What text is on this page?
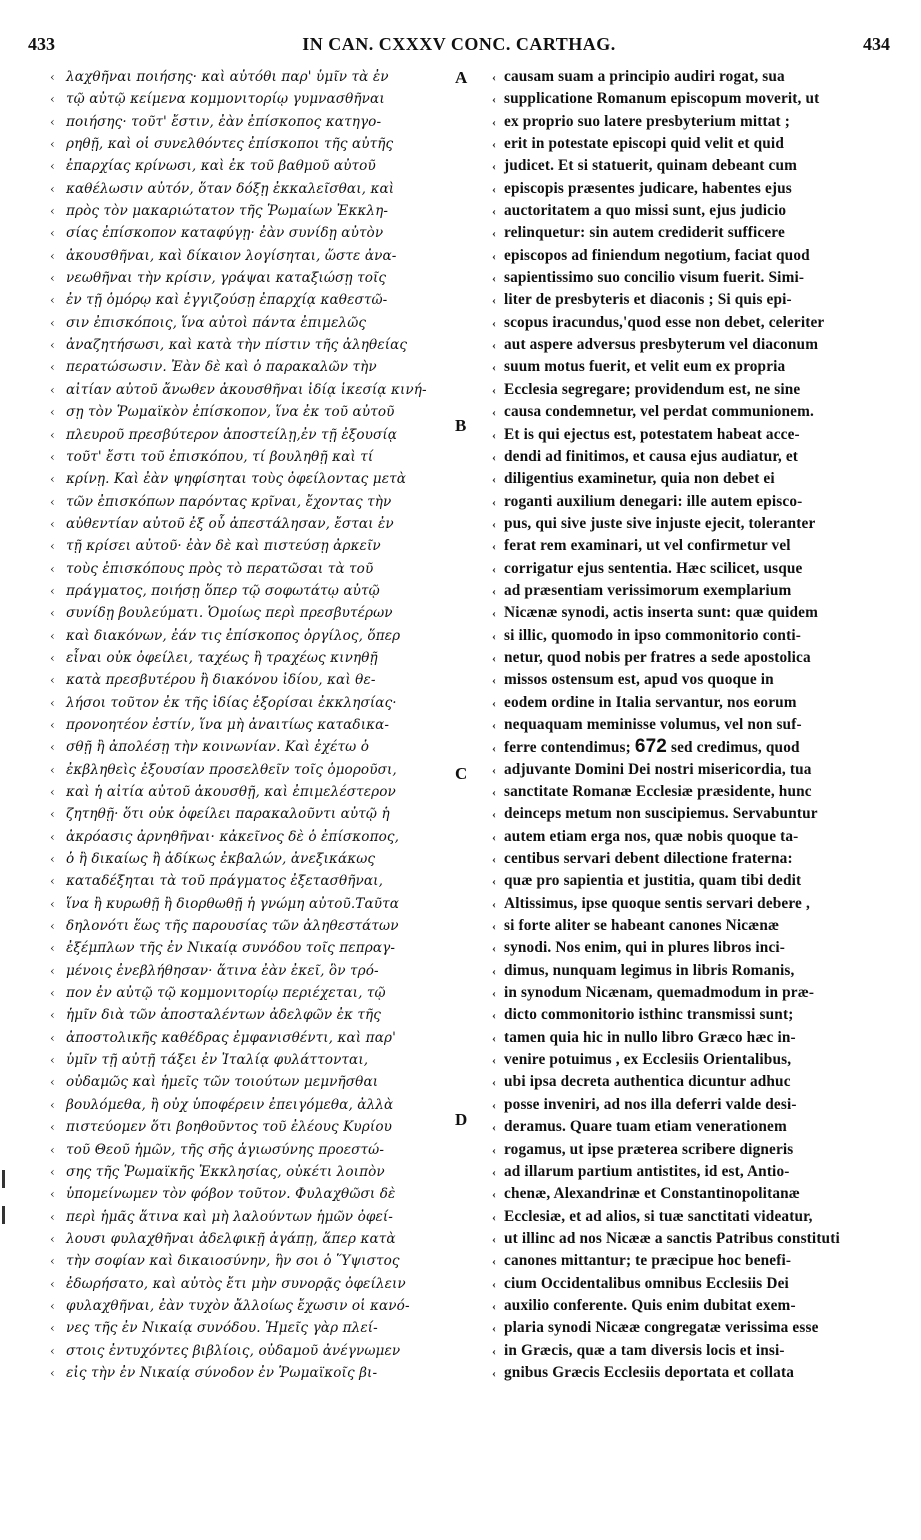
433	IN CAN. CXXXV CONC. CARTHAG.	434
A
B
C
D
‹ λαχθῆναι ποιήσης· καὶ αὐτόθι παρ' ὑμῖν τὰ ἐν
‹ τῷ αὐτῷ κείμενα κομμονιτορίῳ γυμνασθῆναι
‹ ποιήσης· τοῦτ' ἔστιν, ἐὰν ἐπίσκοπος κατηγο-
‹ ρηθῇ, καὶ οἱ συνελθόντες ἐπίσκοποι τῆς αὐτῆς
‹ ἐπαρχίας κρίνωσι, καὶ ἐκ τοῦ βαθμοῦ αὐτοῦ
‹ καθέλωσιν αὐτόν, ὅταν δόξῃ ἐκκαλεῖσθαι, καὶ
‹ πρὸς τὸν μακαριώτατον τῆς Ῥωμαίων Ἐκκλη-
‹ σίας ἐπίσκοπον καταφύγῃ· ἐὰν συνίδῃ αὐτὸν
‹ ἀκουσθῆναι, καὶ δίκαιον λογίσηται, ὥστε ἀνα-
‹ νεωθῆναι τὴν κρίσιν, γράψαι καταξιώσῃ τοῖς
‹ ἐν τῇ ὁμόρῳ καὶ ἐγγιζούσῃ ἐπαρχίᾳ καθεστῶ-
‹ σιν ἐπισκόποις, ἵνα αὐτοὶ πάντα ἐπιμελῶς
‹ ἀναζητήσωσι, καὶ κατὰ τὴν πίστιν τῆς ἀληθείας
‹ περατώσωσιν. Ἐὰν δὲ καὶ ὁ παρακαλῶν τὴν
‹ αἰτίαν αὐτοῦ ἄνωθεν ἀκουσθῆναι ἰδίᾳ ἱκεσίᾳ κινή-
‹ σῃ τὸν Ῥωμαϊκὸν ἐπίσκοπον, ἵνα ἐκ τοῦ αὐτοῦ
‹ πλευροῦ πρεσβύτερον ἀποστείλῃ,ἐν τῇ ἐξουσίᾳ
‹ τοῦτ' ἔστι τοῦ ἐπισκόπου, τί βουληθῇ καὶ τί
‹ κρίνῃ. Καὶ ἐὰν ψηφίσηται τοὺς ὀφείλοντας μετὰ
‹ τῶν ἐπισκόπων παρόντας κρῖναι, ἔχοντας τὴν
‹ αὐθεντίαν αὐτοῦ ἐξ οὗ ἀπεστάλησαν, ἔσται ἐν
‹ τῇ κρίσει αὐτοῦ· ἐὰν δὲ καὶ πιστεύσῃ ἀρκεῖν
‹ τοὺς ἐπισκόπους πρὸς τὸ περατῶσαι τὰ τοῦ
‹ πράγματος, ποιήσῃ ὅπερ τῷ σοφωτάτῳ αὐτῷ
‹ συνίδῃ βουλεύματι. Ὁμοίως περὶ πρεσβυτέρων
‹ καὶ διακόνων, ἐάν τις ἐπίσκοπος ὀργίλος, ὅπερ
‹ εἶναι οὐκ ὀφείλει, ταχέως ἢ τραχέως κινηθῇ
‹ κατὰ πρεσβυτέρου ἢ διακόνου ἰδίου, καὶ θε-
‹ λήσοι τοῦτον ἐκ τῆς ἰδίας ἐξορίσαι ἐκκλησίας·
‹ προνοητέον ἐστίν, ἵνα μὴ ἀναιτίως καταδικα-
‹ σθῇ ἢ ἀπολέσῃ τὴν κοινωνίαν. Καὶ ἐχέτω ὁ
‹ ἐκβληθεὶς ἐξουσίαν προσελθεῖν τοῖς ὁμοροῦσι,
‹ καὶ ἡ αἰτία αὐτοῦ ἀκουσθῇ, καὶ ἐπιμελέστερον
‹ ζητηθῇ· ὅτι οὐκ ὀφείλει παρακαλοῦντι αὐτῷ ἡ
‹ ἀκρόασις ἀρνηθῆναι· κἀκεῖνος δὲ ὁ ἐπίσκοπος,
‹ ὁ ἢ δικαίως ἢ ἀδίκως ἐκβαλών, ἀνεξικάκως
‹ καταδέξηται τὰ τοῦ πράγματος ἐξετασθῆναι,
‹ ἵνα ἢ κυρωθῇ ἢ διορθωθῇ ἡ γνώμη αὐτοῦ.Ταῦτα
‹ δηλονότι ἕως τῆς παρουσίας τῶν ἀληθεστάτων
‹ ἐξέμπλων τῆς ἐν Νικαίᾳ συνόδου τοῖς πεπραγ-
‹ μένοις ἐνεβλήθησαν· ἅτινα ἐὰν ἐκεῖ, ὃν τρό-
‹ πον ἐν αὐτῷ τῷ κομμονιτορίῳ περιέχεται, τῷ
‹ ἡμῖν διὰ τῶν ἀποσταλέντων ἀδελφῶν ἐκ τῆς
‹ ἀποστολικῆς καθέδρας ἐμφανισθέντι, καὶ παρ'
‹ ὑμῖν τῇ αὐτῇ τάξει ἐν Ἰταλίᾳ φυλάττονται,
‹ οὐδαμῶς καὶ ἡμεῖς τῶν τοιούτων μεμνῆσθαι
‹ βουλόμεθα, ἢ οὐχ ὑποφέρειν ἐπειγόμεθα, ἀλλὰ
‹ πιστεύομεν ὅτι βοηθοῦντος τοῦ ἐλέους Κυρίου
‹ τοῦ Θεοῦ ἡμῶν, τῆς σῆς ἁγιωσύνης προεστώ-
‹ σης τῆς Ῥωμαϊκῆς Ἐκκλησίας, οὐκέτι λοιπὸν
‹ ὑπομείνωμεν τὸν φόβον τοῦτον. Φυλαχθῶσι δὲ
‹ περὶ ἡμᾶς ἅτινα καὶ μὴ λαλούντων ἡμῶν ὀφεί-
‹ λουσι φυλαχθῆναι ἀδελφικῇ ἀγάπῃ, ἅπερ κατὰ
‹ τὴν σοφίαν καὶ δικαιοσύνην, ἣν σοι ὁ Ὕψιστος
‹ ἐδωρήσατο, καὶ αὐτὸς ἔτι μὴν συνορᾷς ὀφείλειν
‹ φυλαχθῆναι, ἐὰν τυχὸν ἄλλοίως ἔχωσιν οἱ κανό-
‹ νες τῆς ἐν Νικαίᾳ συνόδου. Ἡμεῖς γὰρ πλεί-
‹ στοις ἐντυχόντες βιβλίοις, οὐδαμοῦ ἀνέγνωμεν
‹ εἰς τὴν ἐν Νικαίᾳ σύνοδον ἐν Ῥωμαϊκοῖς βι-
‹ causam suam a principio audiri rogat, sua
‹ supplicatione Romanum episcopum moverit, ut
‹ ex proprio suo latere presbyterium mittat ;
‹ erit in potestate episcopi quid velit et quid
‹ judicet. Et si statuerit, quinam debeant cum
‹ episcopis præsentes judicare, habentes ejus
‹ auctoritatem a quo missi sunt, ejus judicio
‹ relinquetur: sin autem crediderit sufficere
‹ episcopos ad finiendum negotium, faciat quod
‹ sapientissimo suo concilio visum fuerit. Simi-
‹ liter de presbyteris et diaconis ; Si quis epi-
‹ scopus iracundus,'quod esse non debet, celeriter
‹ aut aspere adversus presbyterum vel diaconum
‹ suum motus fuerit, et velit eum ex propria
‹ Ecclesia segregare; providendum est, ne sine
‹ causa condemnetur, vel perdat communionem.
‹ Et is qui ejectus est, potestatem habeat acce-
‹ dendi ad finitimos, et causa ejus audiatur, et
‹ diligentius examinetur, quia non debet ei
‹ roganti auxilium denegari: ille autem episco-
‹ pus, qui sive juste sive injuste ejecit, toleranter
‹ ferat rem examinari, ut vel confirmetur vel
‹ corrigatur ejus sententia. Hæc scilicet, usque
‹ ad præsentiam verissimorum exemplarium
‹ Nicænæ synodi, actis inserta sunt: quæ quidem
‹ si illic, quomodo in ipso commonitorio conti-
‹ netur, quod nobis per fratres a sede apostolica
‹ missos ostensum est, apud vos quoque in
‹ eodem ordine in Italia servantur, nos eorum
‹ nequaquam meminisse volumus, vel non suf-
‹ ferre contendimus; 672 sed credimus, quod
‹ adjuvante Domini Dei nostri misericordia, tua
‹ sanctitate Romanæ Ecclesiæ præsidente, hunc
‹ deinceps metum non suscipiemus. Servabuntur
‹ autem etiam erga nos, quæ nobis quoque ta-
‹ centibus servari debent dilectione fraterna:
‹ quæ pro sapientia et justitia, quam tibi dedit
‹ Altissimus, ipse quoque sentis servari debere ,
‹ si forte aliter se habeant canones Nicænæ
‹ synodi. Nos enim, qui in plures libros inci-
‹ dimus, nunquam legimus in libris Romanis,
‹ in synodum Nicænam, quemadmodum in præ-
‹ dicto commonitorio isthinc transmissi sunt;
‹ tamen quia hic in nullo libro Græco hæc in-
‹ venire potuimus , ex Ecclesiis Orientalibus,
‹ ubi ipsa decreta authentica dicuntur adhuc
‹ posse inveniri, ad nos illa deferri valde desi-
‹ deramus. Quare tuam etiam venerationem
‹ rogamus, ut ipse præterea scribere digneris
‹ ad illarum partium antistites, id est, Antio-
‹ chenæ, Alexandrinæ et Constantinopolitanæ
‹ Ecclesiæ, et ad alios, si tuæ sanctitati videatur,
‹ ut illinc ad nos Nicææ a sanctis Patribus constituti
‹ canones mittantur; te præcipue hoc benefi-
‹ cium Occidentalibus omnibus Ecclesiis Dei
‹ auxilio conferente. Quis enim dubitat exem-
‹ plaria synodi Nicææ congregatæ verissima esse
‹ in Græcis, quæ a tam diversis locis et insi-
‹ gnibus Græcis Ecclesiis deportata et collata
